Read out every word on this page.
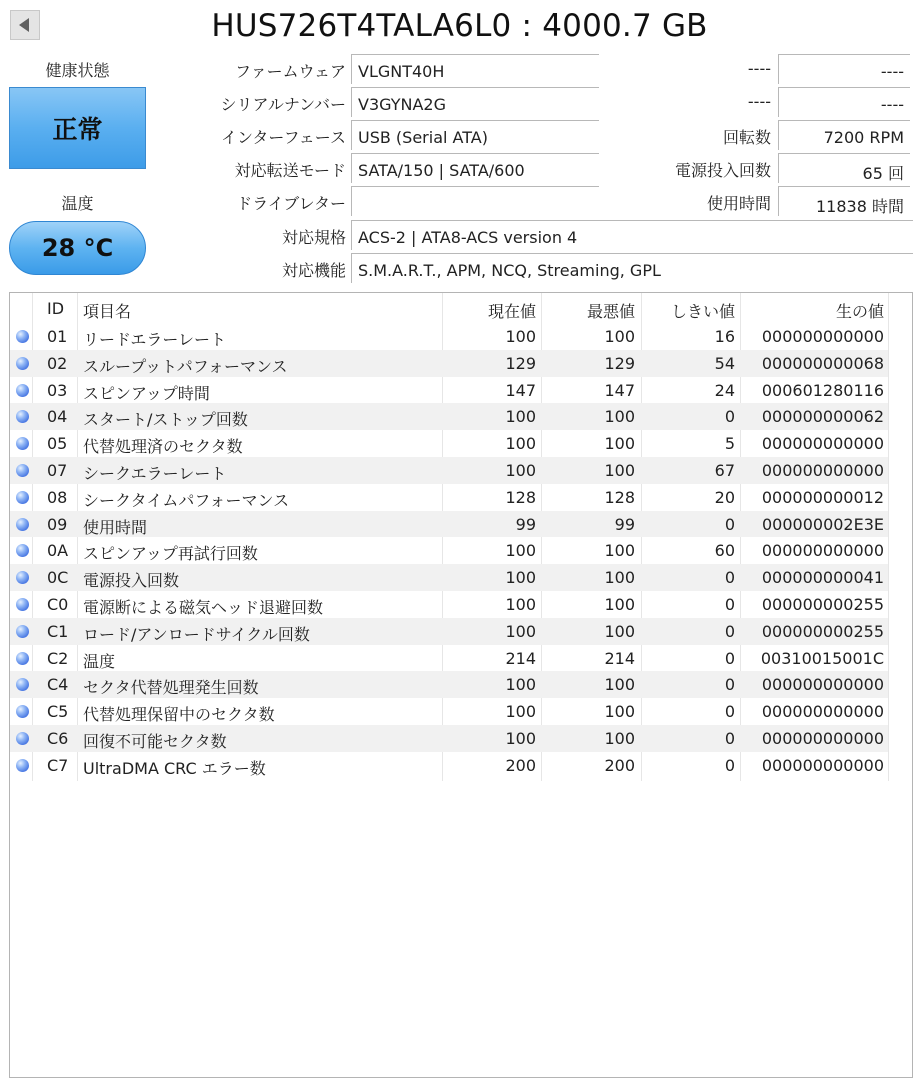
HUS726T4TALA6L0 : 4000.7 GB
健康状態
正常
温度
28 °C
ファームウェア VLGNT40H	----	----
シリアルナンバー V3GYNA2G	----	----
インターフェース USB (Serial ATA)	回転数	7200 RPM
対応転送モード SATA/150 | SATA/600	電源投入回数	65 回
ドライブレター	使用時間	11838 時間
対応規格 ACS-2 | ATA8-ACS version 4
対応機能 S.M.A.R.T., APM, NCQ, Streaming, GPL
ID 項目名	現在値	最悪値	しきい値	生の値
01 リードエラーレート	100	100	16	000000000000
02 スループットパフォーマンス	129	129	54	000000000068
03 スピンアップ時間	147	147	24	000601280116
04 スタート/ストップ回数	100	100	0	000000000062
05 代替処理済のセクタ数	100	100	5	000000000000
07 シークエラーレート	100	100	67	000000000000
08 シークタイムパフォーマンス	128	128	20	000000000012
09 使用時間	99	99	0	000000002E3E
0A スピンアップ再試行回数	100	100	60	000000000000
0C 電源投入回数	100	100	0	000000000041
C0 電源断による磁気ヘッド退避回数	100	100	0	000000000255
C1 ロード/アンロードサイクル回数	100	100	0	000000000255
C2 温度	214	214	0	00310015001C
C4 セクタ代替処理発生回数	100	100	0	000000000000
C5 代替処理保留中のセクタ数	100	100	0	000000000000
C6 回復不可能セクタ数	100	100	0	000000000000
C7 UltraDMA CRC エラー数	200	200	0	000000000000
